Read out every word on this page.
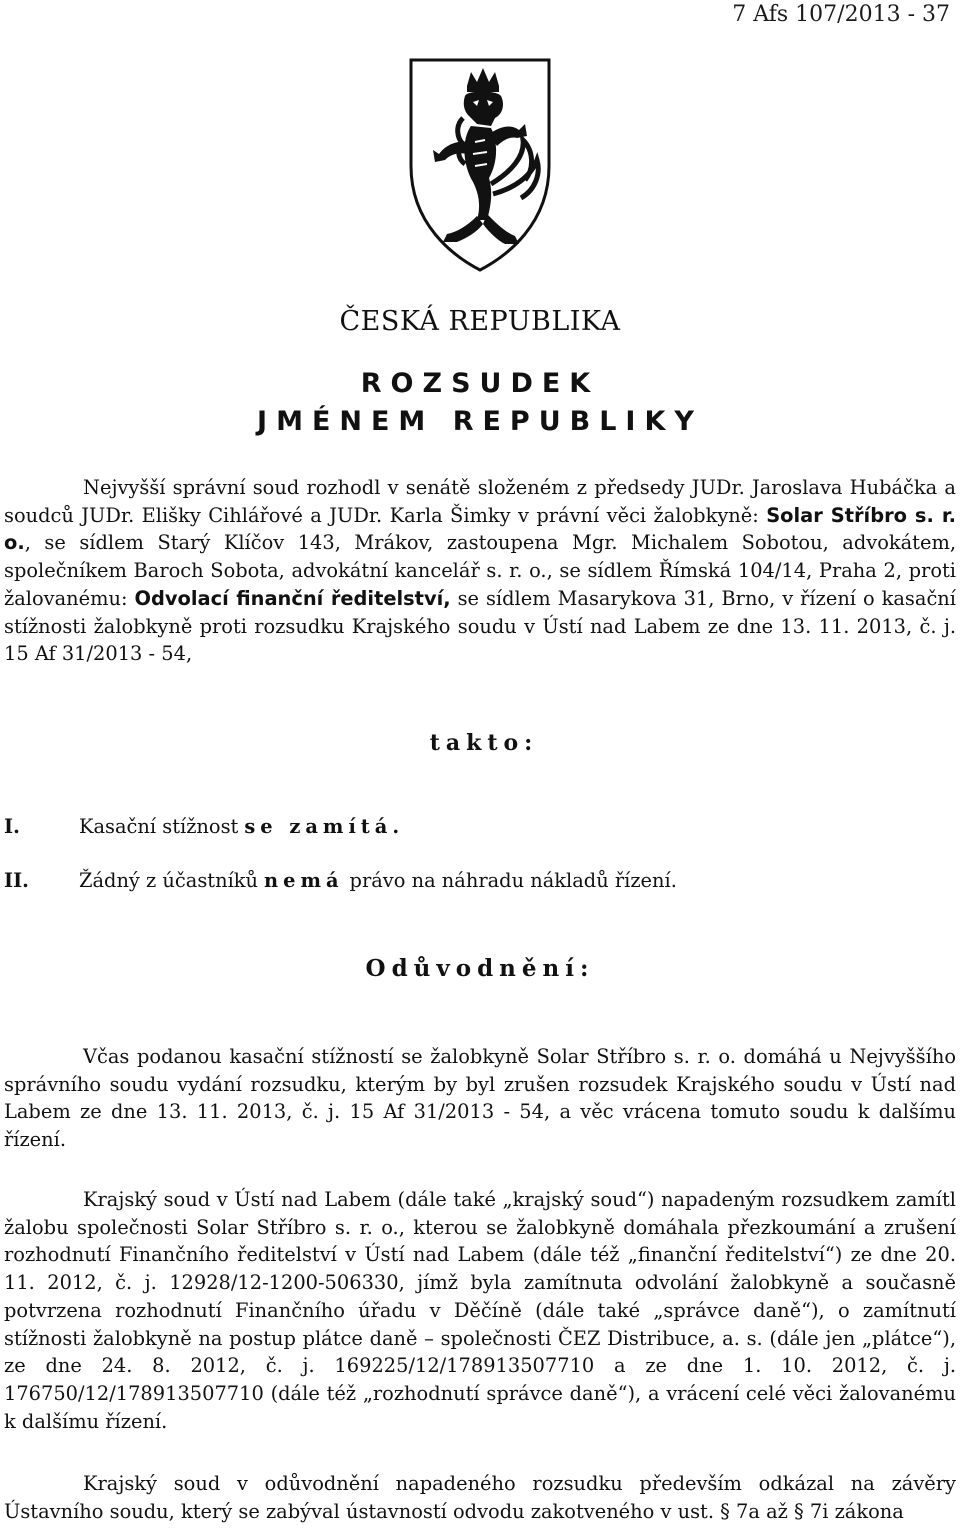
7 Afs 107/2013 - 37
ČESKÁ REPUBLIKA
ROZSUDEK
JMÉNEM REPUBLIKY

Nejvyšší správní soud rozhodl v senátě složeném z předsedy JUDr. Jaroslava Hubáčka a soudců JUDr. Elišky Cihlářové a JUDr. Karla Šimky v právní věci žalobkyně: Solar Stříbro s. r. o., se sídlem Starý Klíčov 143, Mrákov, zastoupena Mgr. Michalem Sobotou, advokátem, společníkem Baroch Sobota, advokátní kancelář s. r. o., se sídlem Římská 104/14, Praha 2, proti žalovanému: Odvolací finanční ředitelství, se sídlem Masarykova 31, Brno, v řízení o kasační stížnosti žalobkyně proti rozsudku Krajského soudu v Ústí nad Labem ze dne 13. 11. 2013, č. j. 15 Af 31/2013 - 54,

takto:
I.	Kasační stížnost se zamítá.
II.	Žádný z účastníků nemá právo na náhradu nákladů řízení.
Odůvodnění:

Včas podanou kasační stížností se žalobkyně Solar Stříbro s. r. o. domáhá u Nejvyššího správního soudu vydání rozsudku, kterým by byl zrušen rozsudek Krajského soudu v Ústí nad Labem ze dne 13. 11. 2013, č. j. 15 Af 31/2013 - 54, a věc vrácena tomuto soudu k dalšímu řízení.

Krajský soud v Ústí nad Labem (dále také „krajský soud“) napadeným rozsudkem zamítl žalobu společnosti Solar Stříbro s. r. o., kterou se žalobkyně domáhala přezkoumání a zrušení rozhodnutí Finančního ředitelství v Ústí nad Labem (dále též „finanční ředitelství“) ze dne 20. 11. 2012, č. j. 12928/12-1200-506330, jímž byla zamítnuta odvolání žalobkyně a současně potvrzena rozhodnutí Finančního úřadu v Děčíně (dále také „správce daně“), o zamítnutí stížnosti žalobkyně na postup plátce daně – společnosti ČEZ Distribuce, a. s. (dále jen „plátce“), ze dne 24. 8. 2012, č. j. 169225/12/178913507710 a ze dne 1. 10. 2012, č. j. 176750/12/178913507710 (dále též „rozhodnutí správce daně“), a vrácení celé věci žalovanému k dalšímu řízení.

Krajský soud v odůvodnění napadeného rozsudku především odkázal na závěry Ústavního soudu, který se zabýval ústavností odvodu zakotveného v ust. § 7a až § 7i zákona
